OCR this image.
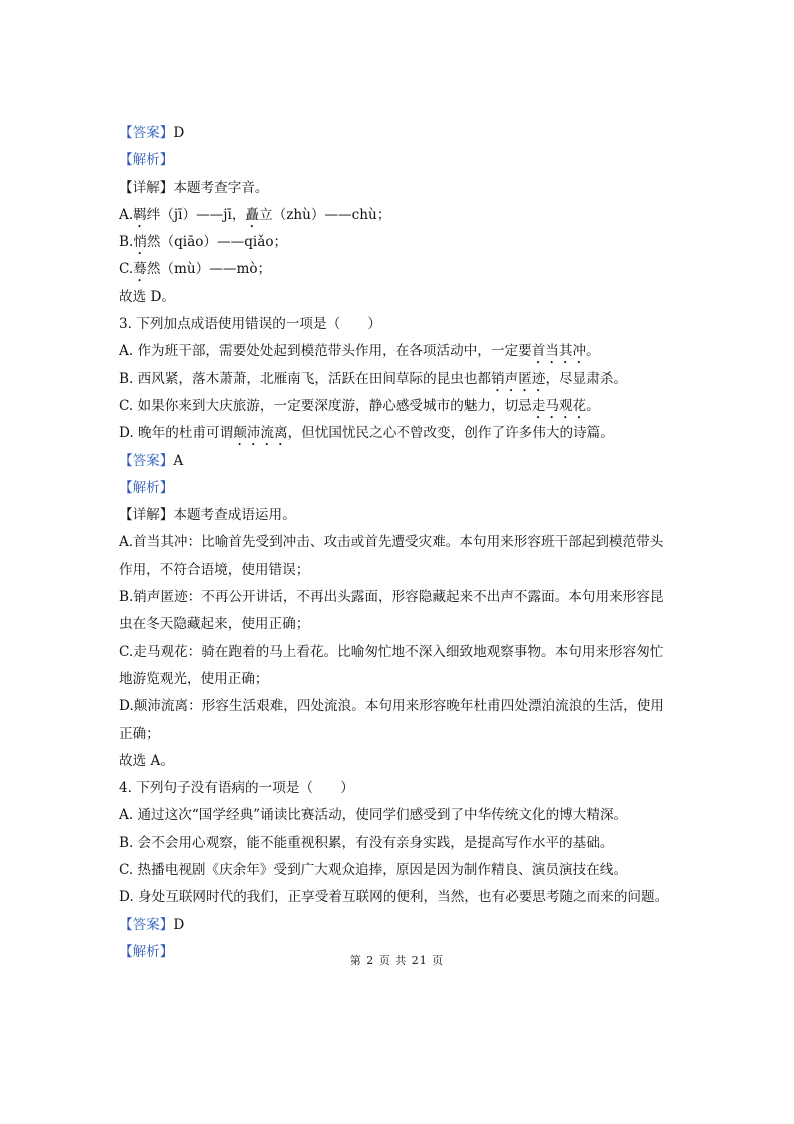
【答案】D
【解析】
【详解】本题考查字音。
A.羁绊（jī）——jī，矗立（zhù）——chù；
B.悄然（qiāo）——qiǎo；
C.蓦然（mù）——mò；
故选 D。
3. 下列加点成语使用错误的一项是（　　）
A. 作为班干部，需要处处起到模范带头作用，在各项活动中，一定要首当其冲。
B. 西风紧，落木萧萧，北雁南飞，活跃在田间草际的昆虫也都销声匿迹，尽显肃杀。
C. 如果你来到大庆旅游，一定要深度游，静心感受城市的魅力，切忌走马观花。
D. 晚年的杜甫可谓颠沛流离，但忧国忧民之心不曾改变，创作了许多伟大的诗篇。
【答案】A
【解析】
【详解】本题考查成语运用。
A.首当其冲：比喻首先受到冲击、攻击或首先遭受灾难。本句用来形容班干部起到模范带头
作用，不符合语境，使用错误；
B.销声匿迹：不再公开讲话，不再出头露面，形容隐藏起来不出声不露面。本句用来形容昆
虫在冬天隐藏起来，使用正确；
C.走马观花：骑在跑着的马上看花。比喻匆忙地不深入细致地观察事物。本句用来形容匆忙
地游览观光，使用正确；
D.颠沛流离：形容生活艰难，四处流浪。本句用来形容晚年杜甫四处漂泊流浪的生活，使用
正确；
故选 A。
4. 下列句子没有语病的一项是（　　）
A. 通过这次“国学经典”诵读比赛活动，使同学们感受到了中华传统文化的博大精深。
B. 会不会用心观察，能不能重视积累，有没有亲身实践，是提高写作水平的基础。
C. 热播电视剧《庆余年》受到广大观众追捧，原因是因为制作精良、演员演技在线。
D. 身处互联网时代的我们，正享受着互联网的便利，当然，也有必要思考随之而来的问题。
【答案】D
【解析】
第 2 页 共 21 页
